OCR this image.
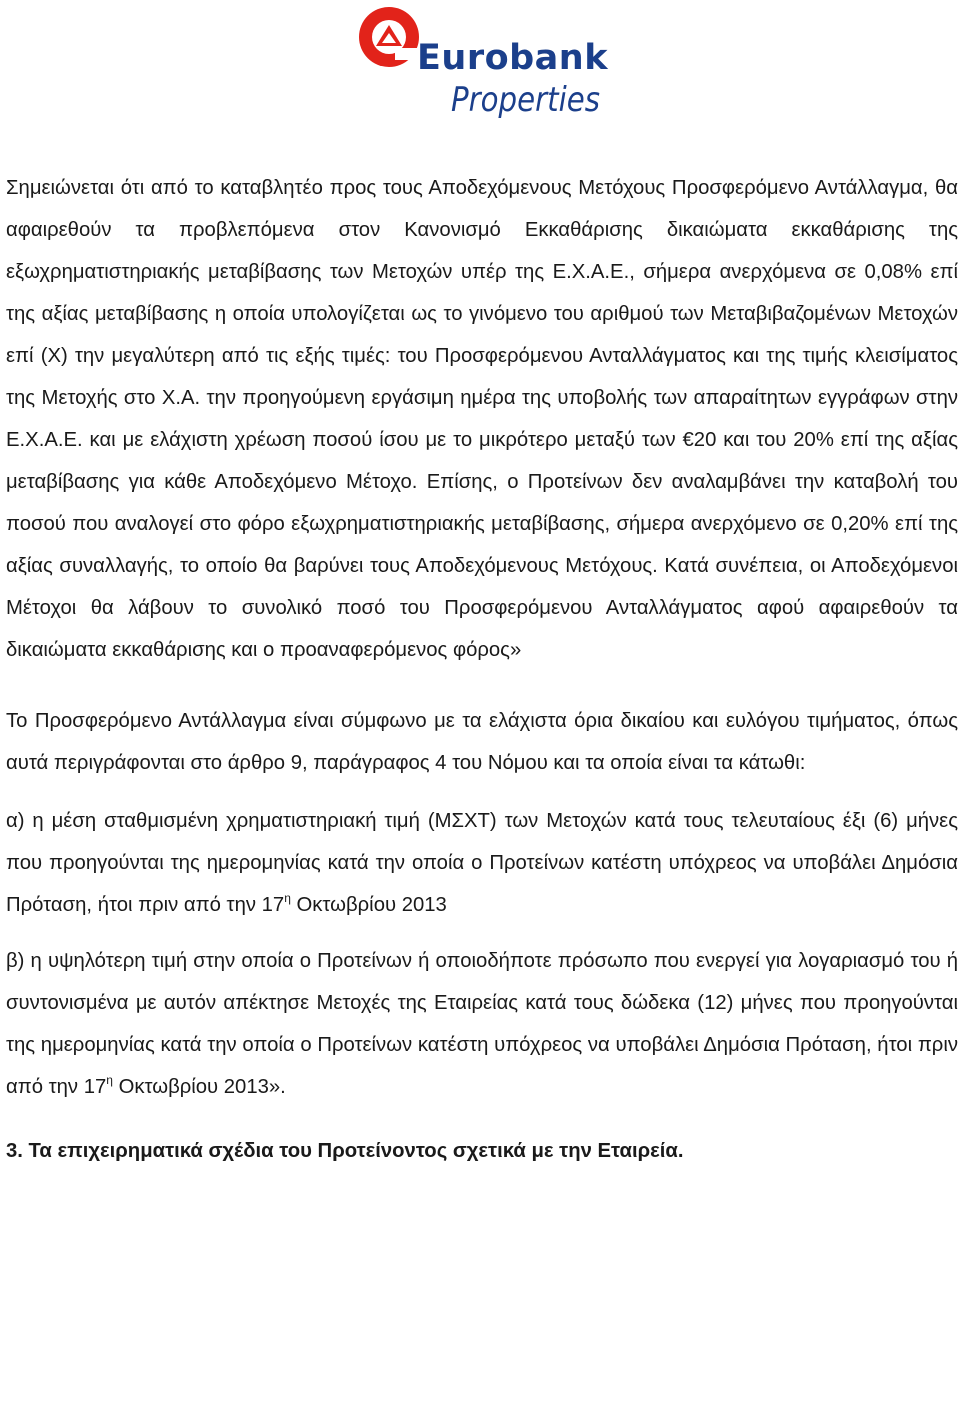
Eurobank
Properties

Σημειώνεται ότι από το καταβλητέο προς τους Αποδεχόμενους Μετόχους Προσφερόμενο Αντάλλαγμα, θα αφαιρεθούν τα προβλεπόμενα στον Κανονισμό Εκκαθάρισης δικαιώματα εκκαθάρισης της εξωχρηματιστηριακής μεταβίβασης των Μετοχών υπέρ της Ε.Χ.Α.Ε., σήμερα ανερχόμενα σε 0,08% επί της αξίας μεταβίβασης η οποία υπολογίζεται ως το γινόμενο του αριθμού των Μεταβιβαζομένων Μετοχών επί (Χ) την μεγαλύτερη από τις εξής τιμές: του Προσφερόμενου Ανταλλάγματος και της τιμής κλεισίματος της Μετοχής στο Χ.Α. την προηγούμενη εργάσιμη ημέρα της υποβολής των απαραίτητων εγγράφων στην Ε.Χ.Α.Ε. και με ελάχιστη χρέωση ποσού ίσου με το μικρότερο μεταξύ των €20 και του 20% επί της αξίας μεταβίβασης για κάθε Αποδεχόμενο Μέτοχο. Επίσης, ο Προτείνων δεν αναλαμβάνει την καταβολή του ποσού που αναλογεί στο φόρο εξωχρηματιστηριακής μεταβίβασης, σήμερα ανερχόμενο σε 0,20% επί της αξίας συναλλαγής, το οποίο θα βαρύνει τους Αποδεχόμενους Μετόχους. Κατά συνέπεια, οι Αποδεχόμενοι Μέτοχοι θα λάβουν το συνολικό ποσό του Προσφερόμενου Ανταλλάγματος αφού αφαιρεθούν τα δικαιώματα εκκαθάρισης και ο προαναφερόμενος φόρος»

Το Προσφερόμενο Αντάλλαγμα είναι σύμφωνο με τα ελάχιστα όρια δικαίου και ευλόγου τιμήματος, όπως αυτά περιγράφονται στο άρθρο 9, παράγραφος 4 του Νόμου και τα οποία είναι τα κάτωθι:

α) η μέση σταθμισμένη χρηματιστηριακή τιμή (ΜΣΧΤ) των Μετοχών κατά τους τελευταίους έξι (6) μήνες που προηγούνται της ημερομηνίας κατά την οποία ο Προτείνων κατέστη υπόχρεος να υποβάλει Δημόσια Πρόταση, ήτοι πριν από την $17^\eta$ Οκτωβρίου 2013

β) η υψηλότερη τιμή στην οποία ο Προτείνων ή οποιοδήποτε πρόσωπο που ενεργεί για λογαριασμό του ή συντονισμένα με αυτόν απέκτησε Μετοχές της Εταιρείας κατά τους δώδεκα (12) μήνες που προηγούνται της ημερομηνίας κατά την οποία ο Προτείνων κατέστη υπόχρεος να υποβάλει Δημόσια Πρόταση, ήτοι πριν από την $17^\eta$ Οκτωβρίου 2013».

3. Τα επιχειρηματικά σχέδια του Προτείνοντος σχετικά με την Εταιρεία.
